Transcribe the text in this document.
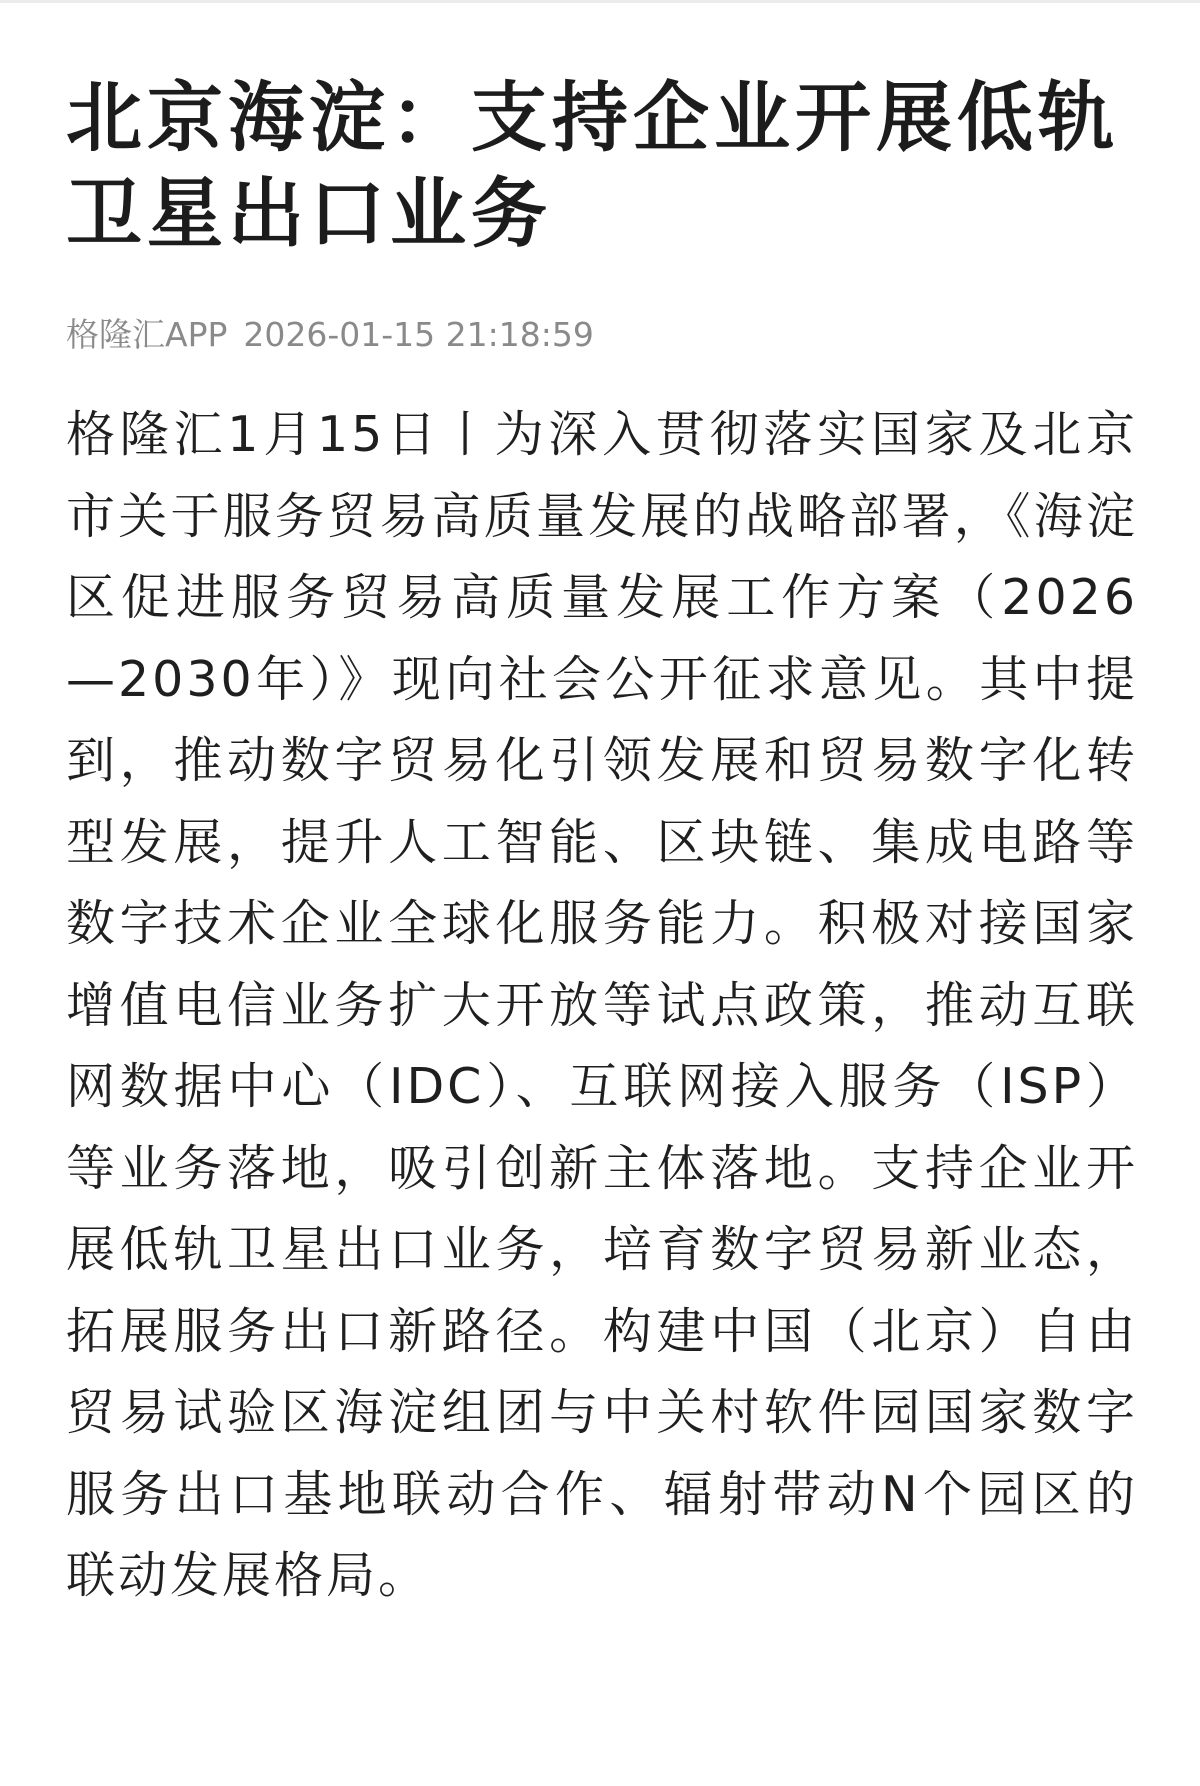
北京海淀：支持企业开展低轨卫星出口业务
格隆汇APP 2026-01-15 21:18:59
格隆汇1月15日丨为深入贯彻落实国家及北京市关于服务贸易高质量发展的战略部署，《海淀区促进服务贸易高质量发展工作方案（2026—2030年）》现向社会公开征求意见。其中提到，推动数字贸易化引领发展和贸易数字化转型发展，提升人工智能、区块链、集成电路等数字技术企业全球化服务能力。积极对接国家增值电信业务扩大开放等试点政策，推动互联网数据中心（IDC）、互联网接入服务（ISP）等业务落地，吸引创新主体落地。支持企业开展低轨卫星出口业务，培育数字贸易新业态，拓展服务出口新路径。构建中国（北京）自由贸易试验区海淀组团与中关村软件园国家数字服务出口基地联动合作、辐射带动N个园区的联动发展格局。
